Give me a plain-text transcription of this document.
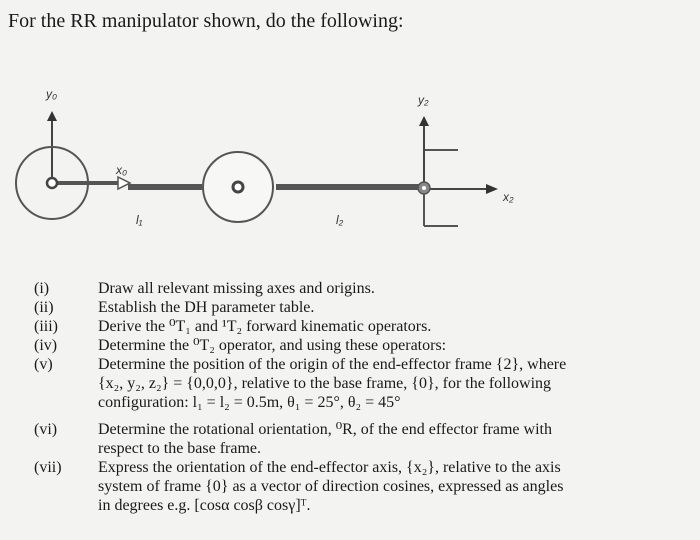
For the RR manipulator shown, do the following:
y₀
x₀
l₁	l₂
y₂
x₂
(i)	Draw all relevant missing axes and origins.
(ii)	Establish the DH parameter table.
(iii)	Derive the ⁰T₁ and ¹T₂ forward kinematic operators.
(iv)	Determine the ⁰T₂ operator, and using these operators:
(v)	Determine the position of the origin of the end-effector frame {2}, where
{x₂, y₂, z₂} = {0,0,0}, relative to the base frame, {0}, for the following
configuration: l₁ = l₂ = 0.5m, θ₁ = 25°, θ₂ = 45°
(vi)	Determine the rotational orientation, ⁰R, of the end effector frame with
respect to the base frame.
(vii)	Express the orientation of the end-effector axis, {x₂}, relative to the axis
system of frame {0} as a vector of direction cosines, expressed as angles
in degrees e.g. [cosα cosβ cosγ]ᵀ.
